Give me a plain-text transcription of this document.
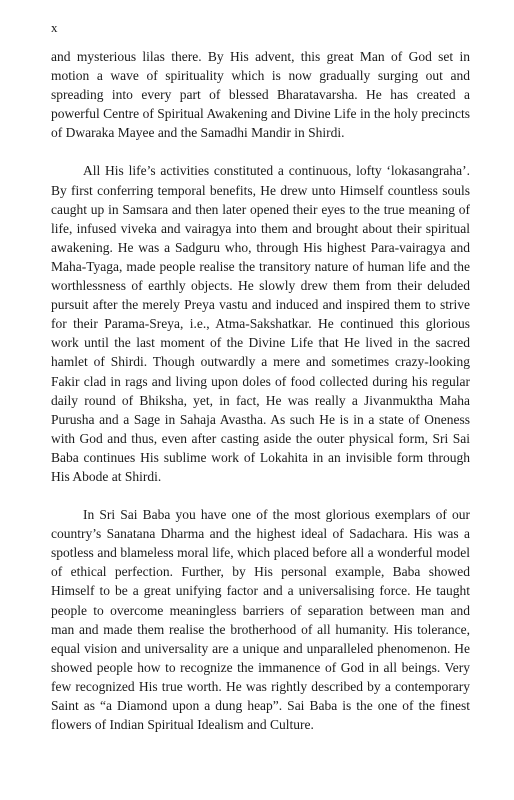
x

and mysterious lilas there. By His advent, this great Man of God set in motion a wave of spirituality which is now gradually surging out and spreading into every part of blessed Bharatavarsha. He has created a powerful Centre of Spiritual Awakening and Divine Life in the holy precincts of Dwaraka Mayee and the Samadhi Mandir in Shirdi.

All His life’s activities constituted a continuous, lofty ‘lokasangraha’. By first conferring temporal benefits, He drew unto Himself countless souls caught up in Samsara and then later opened their eyes to the true meaning of life, infused viveka and vairagya into them and brought about their spiritual awakening. He was a Sadguru who, through His highest Para-vairagya and Maha-Tyaga, made people realise the transitory nature of human life and the worthlessness of earthly objects. He slowly drew them from their deluded pursuit after the merely Preya vastu and induced and inspired them to strive for their Parama-Sreya, i.e., Atma-Sakshatkar. He continued this glorious work until the last moment of the Divine Life that He lived in the sacred hamlet of Shirdi. Though outwardly a mere and sometimes crazy-looking Fakir clad in rags and living upon doles of food collected during his regular daily round of Bhiksha, yet, in fact, He was really a Jivanmuktha Maha Purusha and a Sage in Sahaja Avastha. As such He is in a state of Oneness with God and thus, even after casting aside the outer physical form, Sri Sai Baba continues His sublime work of Lokahita in an invisible form through His Abode at Shirdi.

In Sri Sai Baba you have one of the most glorious exemplars of our country’s Sanatana Dharma and the highest ideal of Sadachara. His was a spotless and blameless moral life, which placed before all a wonderful model of ethical perfection. Further, by His personal example, Baba showed Himself to be a great unifying factor and a universalising force. He taught people to overcome meaningless barriers of separation between man and man and made them realise the brotherhood of all humanity. His tolerance, equal vision and universality are a unique and unparalleled phenomenon. He showed people how to recognize the immanence of God in all beings. Very few recognized His true worth. He was rightly described by a contemporary Saint as “a Diamond upon a dung heap”. Sai Baba is the one of the finest flowers of Indian Spiritual Idealism and Culture.
